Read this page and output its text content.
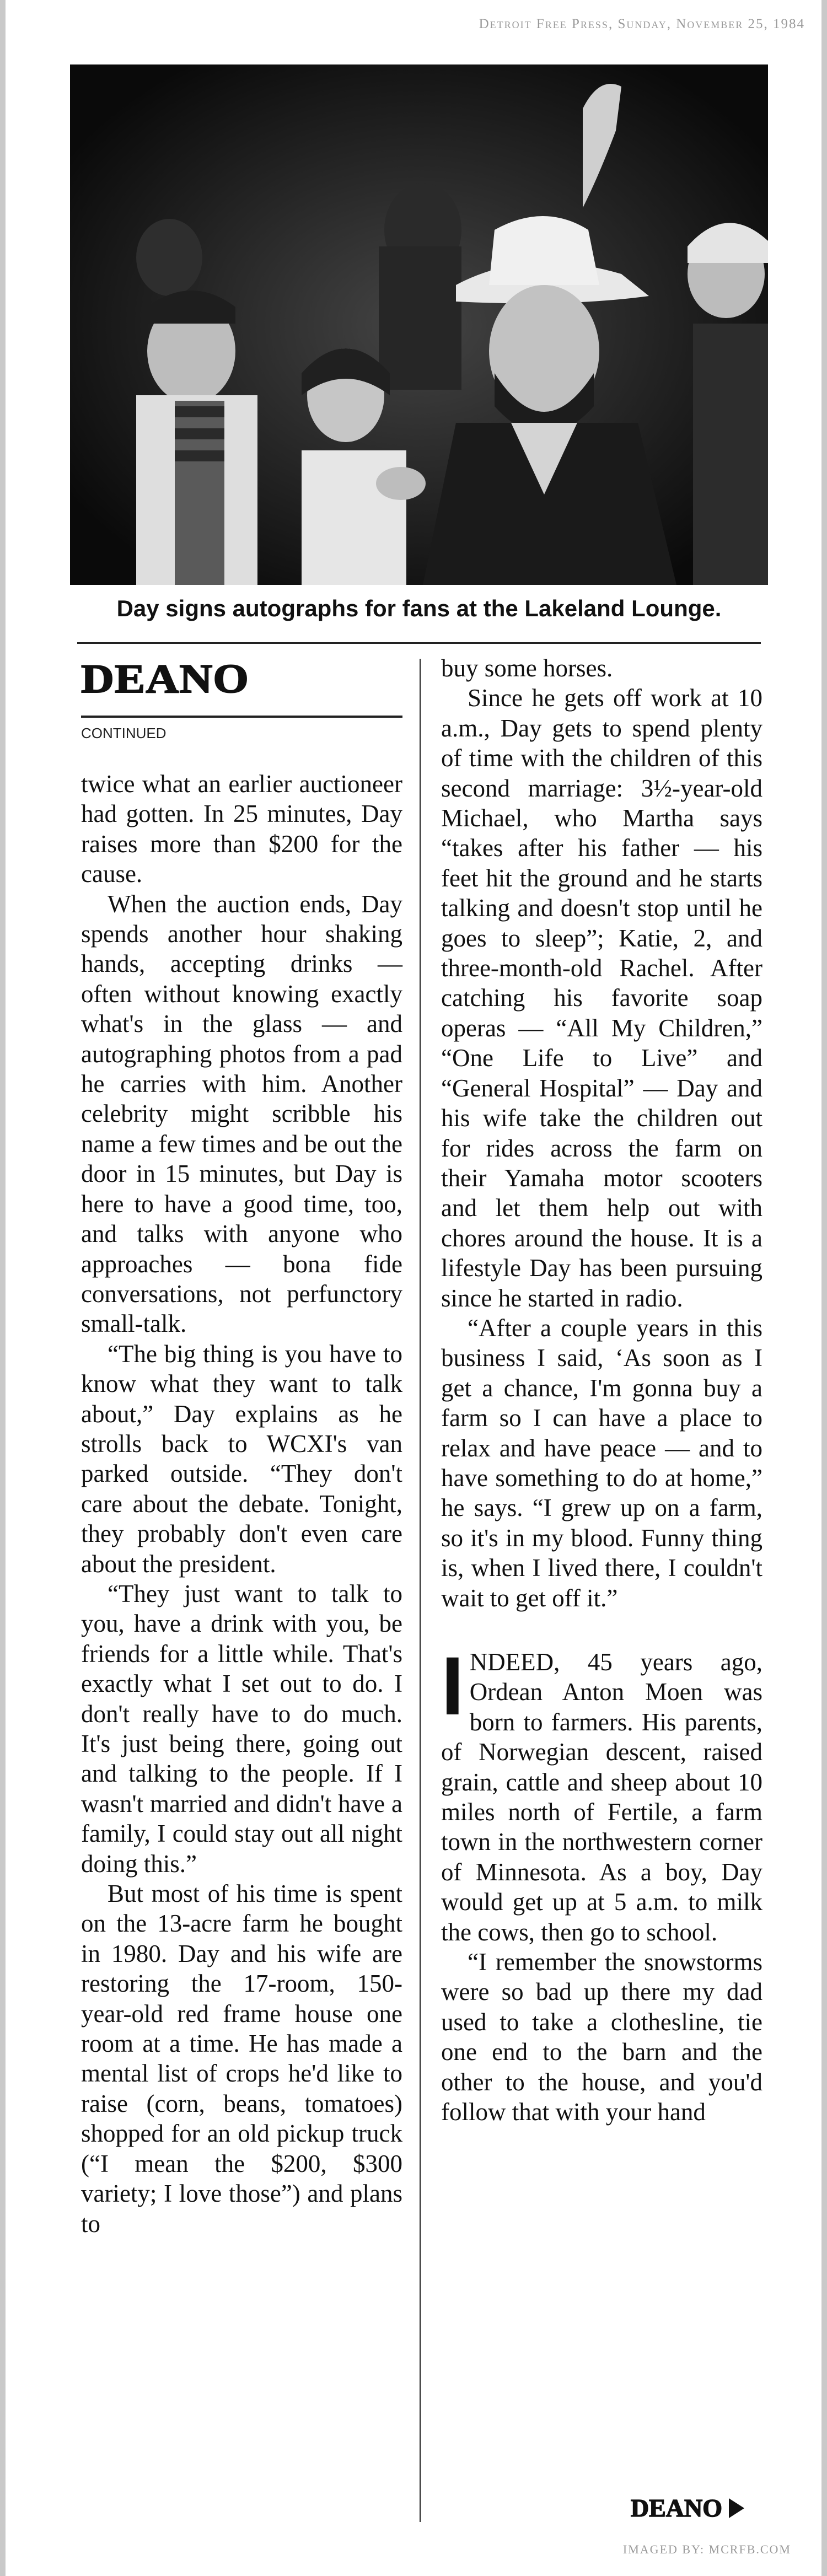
Detroit Free Press, Sunday, November 25, 1984
Day signs autographs for fans at the Lakeland Lounge.
DEANO
CONTINUED

twice what an earlier auctioneer had gotten. In 25 minutes, Day raises more than $200 for the cause.

When the auction ends, Day spends another hour shaking hands, accepting drinks — often without knowing exactly what's in the glass — and autographing photos from a pad he carries with him. Another celebrity might scribble his name a few times and be out the door in 15 minutes, but Day is here to have a good time, too, and talks with anyone who approaches — bona fide conversations, not perfunctory small-talk.

“The big thing is you have to know what they want to talk about,” Day explains as he strolls back to WCXI's van parked outside. “They don't care about the debate. Tonight, they probably don't even care about the president.

“They just want to talk to you, have a drink with you, be friends for a little while. That's exactly what I set out to do. I don't really have to do much. It's just being there, going out and talking to the people. If I wasn't married and didn't have a family, I could stay out all night doing this.”

But most of his time is spent on the 13-acre farm he bought in 1980. Day and his wife are restoring the 17-room, 150-year-old red frame house one room at a time. He has made a mental list of crops he'd like to raise (corn, beans, tomatoes) shopped for an old pickup truck (“I mean the $200, $300 variety; I love those”) and plans to

buy some horses.

Since he gets off work at 10 a.m., Day gets to spend plenty of time with the children of this second marriage: 3½-year-old Michael, who Martha says “takes after his father — his feet hit the ground and he starts talking and doesn't stop until he goes to sleep”; Katie, 2, and three-month-old Rachel. After catching his favorite soap operas — “All My Children,” “One Life to Live” and “General Hospital” — Day and his wife take the children out for rides across the farm on their Yamaha motor scooters and let them help out with chores around the house. It is a lifestyle Day has been pursuing since he started in radio.

“After a couple years in this business I said, ‘As soon as I get a chance, I'm gonna buy a farm so I can have a place to relax and have peace — and to have something to do at home,” he says. “I grew up on a farm, so it's in my blood. Funny thing is, when I lived there, I couldn't wait to get off it.”

INDEED, 45 years ago, Ordean Anton Moen was born to farmers. His parents, of Norwegian descent, raised grain, cattle and sheep about 10 miles north of Fertile, a farm town in the northwestern corner of Minnesota. As a boy, Day would get up at 5 a.m. to milk the cows, then go to school.

“I remember the snowstorms were so bad up there my dad used to take a clothesline, tie one end to the barn and the other to the house, and you'd follow that with your hand

DEANO
IMAGED BY: MCRFB.COM
